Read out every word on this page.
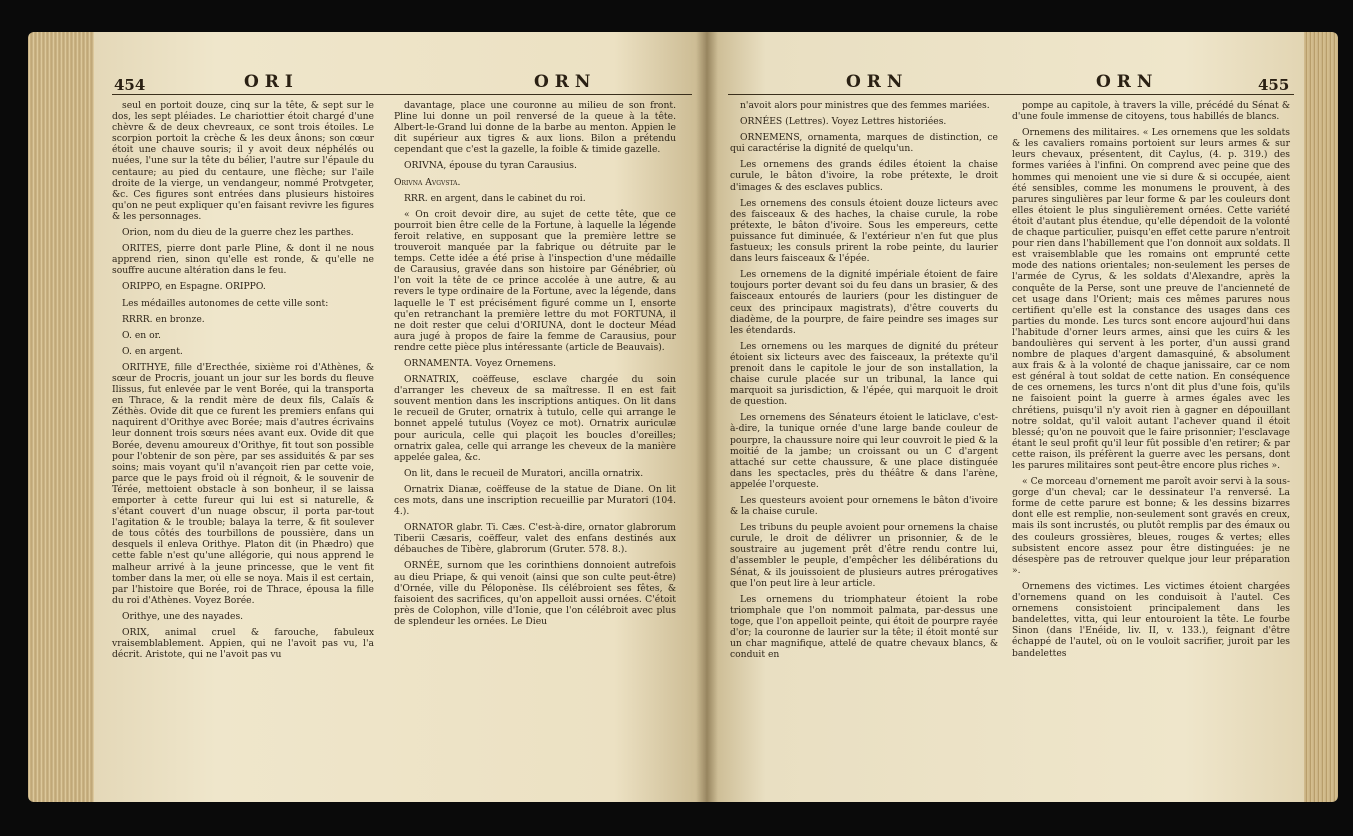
454	ORI	ORN

seul en portoit douze, cinq sur la tête, & sept sur le dos, les sept pléiades. Le chariottier étoit chargé d'une chèvre & de deux chevreaux, ce sont trois étoiles. Le scorpion portoit la crèche & les deux ânons; son cœur étoit une chauve souris; il y avoit deux néphélés ou nuées, l'une sur la tête du bélier, l'autre sur l'épaule du centaure; au pied du centaure, une flèche; sur l'aile droite de la vierge, un vendangeur, nommé Protvgeter, &c. Ces figures sont entrées dans plusieurs histoires qu'on ne peut expliquer qu'en faisant revivre les figures & les personnages.

Orion, nom du dieu de la guerre chez les parthes.

ORITES, pierre dont parle Pline, & dont il ne nous apprend rien, sinon qu'elle est ronde, & qu'elle ne souffre aucune altération dans le feu.

ORIPPO, en Espagne. ORIPPO.

Les médailles autonomes de cette ville sont:

RRRR. en bronze.

O. en or.

O. en argent.

ORITHYE, fille d'Erecthée, sixième roi d'Athènes, & sœur de Procris, jouant un jour sur les bords du fleuve Ilissus, fut enlevée par le vent Borée, qui la transporta en Thrace, & la rendit mère de deux fils, Calaïs & Zéthès. Ovide dit que ce furent les premiers enfans qui naquirent d'Orithye avec Borée; mais d'autres écrivains leur donnent trois sœurs nées avant eux. Ovide dit que Borée, devenu amoureux d'Orithye, fit tout son possible pour l'obtenir de son père, par ses assiduités & par ses soins; mais voyant qu'il n'avançoit rien par cette voie, parce que le pays froid où il régnoit, & le souvenir de Térée, mettoient obstacle à son bonheur, il se laissa emporter à cette fureur qui lui est si naturelle, & s'étant couvert d'un nuage obscur, il porta par-tout l'agitation & le trouble; balaya la terre, & fit soulever de tous côtés des tourbillons de poussière, dans un desquels il enleva Orithye. Platon dit (in Phædro) que cette fable n'est qu'une allégorie, qui nous apprend le malheur arrivé à la jeune princesse, que le vent fit tomber dans la mer, où elle se noya. Mais il est certain, par l'histoire que Borée, roi de Thrace, épousa la fille du roi d'Athènes. Voyez Borée.

Orithye, une des nayades.

ORIX, animal cruel & farouche, fabuleux vraisemblablement. Appien, qui ne l'avoit pas vu, l'a décrit. Aristote, qui ne l'avoit pas vu

davantage, place une couronne au milieu de son front. Pline lui donne un poil renversé de la queue à la tête. Albert-le-Grand lui donne de la barbe au menton. Appien le dit supérieur aux tigres & aux lions. Bilon a prétendu cependant que c'est la gazelle, la foible & timide gazelle.

ORIVNA, épouse du tyran Carausius.

Orivna Avgvsta.

RRR. en argent, dans le cabinet du roi.

« On croit devoir dire, au sujet de cette tête, que ce pourroit bien être celle de la Fortune, à laquelle la légende feroit relative, en supposant que la première lettre se trouveroit manquée par la fabrique ou détruite par le temps. Cette idée a été prise à l'inspection d'une médaille de Carausius, gravée dans son histoire par Génébrier, où l'on voit la tête de ce prince accolée à une autre, & au revers le type ordinaire de la Fortune, avec la légende, dans laquelle le T est précisément figuré comme un I, ensorte qu'en retranchant la première lettre du mot FORTUNA, il ne doit rester que celui d'ORIUNA, dont le docteur Méad aura jugé à propos de faire la femme de Carausius, pour rendre cette pièce plus intéressante (article de Beauvais).

ORNAMENTA. Voyez Ornemens.

ORNATRIX, coëffeuse, esclave chargée du soin d'arranger les cheveux de sa maîtresse. Il en est fait souvent mention dans les inscriptions antiques. On lit dans le recueil de Gruter, ornatrix à tutulo, celle qui arrange le bonnet appelé tutulus (Voyez ce mot). Ornatrix auriculæ pour auricula, celle qui plaçoit les boucles d'oreilles; ornatrix galea, celle qui arrange les cheveux de la manière appelée galea, &c.

On lit, dans le recueil de Muratori, ancilla ornatrix.

Ornatrix Dianæ, coëffeuse de la statue de Diane. On lit ces mots, dans une inscription recueillie par Muratori (104. 4.).

ORNATOR glabr. Ti. Cæs. C'est-à-dire, ornator glabrorum Tiberii Cæsaris, coëffeur, valet des enfans destinés aux débauches de Tibère, glabrorum (Gruter. 578. 8.).

ORNÉE, surnom que les corinthiens donnoient autrefois au dieu Priape, & qui venoit (ainsi que son culte peut-être) d'Ornée, ville du Péloponèse. Ils célébroient ses fêtes, & faisoient des sacrifices, qu'on appelloit aussi ornées. C'étoit près de Colophon, ville d'Ionie, que l'on célébroit avec plus de splendeur les ornées. Le Dieu

ORN	ORN	455

n'avoit alors pour ministres que des femmes mariées.

ORNÉES (Lettres). Voyez Lettres historiées.

ORNEMENS, ornamenta, marques de distinction, ce qui caractérise la dignité de quelqu'un.

Les ornemens des grands édiles étoient la chaise curule, le bâton d'ivoire, la robe prétexte, le droit d'images & des esclaves publics.

Les ornemens des consuls étoient douze licteurs avec des faisceaux & des haches, la chaise curule, la robe prétexte, le bâton d'ivoire. Sous les empereurs, cette puissance fut diminuée, & l'extérieur n'en fut que plus fastueux; les consuls prirent la robe peinte, du laurier dans leurs faisceaux & l'épée.

Les ornemens de la dignité impériale étoient de faire toujours porter devant soi du feu dans un brasier, & des faisceaux entourés de lauriers (pour les distinguer de ceux des principaux magistrats), d'être couverts du diadème, de la pourpre, de faire peindre ses images sur les étendards.

Les ornemens ou les marques de dignité du préteur étoient six licteurs avec des faisceaux, la prétexte qu'il prenoit dans le capitole le jour de son installation, la chaise curule placée sur un tribunal, la lance qui marquoit sa jurisdiction, & l'épée, qui marquoit le droit de question.

Les ornemens des Sénateurs étoient le laticlave, c'est-à-dire, la tunique ornée d'une large bande couleur de pourpre, la chaussure noire qui leur couvroit le pied & la moitié de la jambe; un croissant ou un C d'argent attaché sur cette chaussure, & une place distinguée dans les spectacles, près du théâtre & dans l'arène, appelée l'orqueste.

Les questeurs avoient pour ornemens le bâton d'ivoire & la chaise curule.

Les tribuns du peuple avoient pour ornemens la chaise curule, le droit de délivrer un prisonnier, & de le soustraire au jugement prêt d'être rendu contre lui, d'assembler le peuple, d'empêcher les délibérations du Sénat, & ils jouissoient de plusieurs autres prérogatives que l'on peut lire à leur article.

Les ornemens du triomphateur étoient la robe triomphale que l'on nommoit palmata, par-dessus une toge, que l'on appelloit peinte, qui étoit de pourpre rayée d'or; la couronne de laurier sur la tête; il étoit monté sur un char magnifique, attelé de quatre chevaux blancs, & conduit en

pompe au capitole, à travers la ville, précédé du Sénat & d'une foule immense de citoyens, tous habillés de blancs.

Ornemens des militaires. « Les ornemens que les soldats & les cavaliers romains portoient sur leurs armes & sur leurs chevaux, présentent, dit Caylus, (4. p. 319.) des formes variées à l'infini. On comprend avec peine que des hommes qui menoient une vie si dure & si occupée, aient été sensibles, comme les monumens le prouvent, à des parures singulières par leur forme & par les couleurs dont elles étoient le plus singulièrement ornées. Cette variété étoit d'autant plus étendue, qu'elle dépendoit de la volonté de chaque particulier, puisqu'en effet cette parure n'entroit pour rien dans l'habillement que l'on donnoit aux soldats. Il est vraisemblable que les romains ont emprunté cette mode des nations orientales; non-seulement les perses de l'armée de Cyrus, & les soldats d'Alexandre, après la conquête de la Perse, sont une preuve de l'ancienneté de cet usage dans l'Orient; mais ces mêmes parures nous certifient qu'elle est la constance des usages dans ces parties du monde. Les turcs sont encore aujourd'hui dans l'habitude d'orner leurs armes, ainsi que les cuirs & les bandoulières qui servent à les porter, d'un aussi grand nombre de plaques d'argent damasquiné, & absolument aux frais & à la volonté de chaque janissaire, car ce nom est général à tout soldat de cette nation. En conséquence de ces ornemens, les turcs n'ont dit plus d'une fois, qu'ils ne faisoient point la guerre à armes égales avec les chrétiens, puisqu'il n'y avoit rien à gagner en dépouillant notre soldat, qu'il valoit autant l'achever quand il étoit blessé; qu'on ne pouvoit que le faire prisonnier; l'esclavage étant le seul profit qu'il leur fût possible d'en retirer; & par cette raison, ils préfèrent la guerre avec les persans, dont les parures militaires sont peut-être encore plus riches ».

« Ce morceau d'ornement me paroît avoir servi à la sous-gorge d'un cheval; car le dessinateur l'a renversé. La forme de cette parure est bonne; & les dessins bizarres dont elle est remplie, non-seulement sont gravés en creux, mais ils sont incrustés, ou plutôt remplis par des émaux ou des couleurs grossières, bleues, rouges & vertes; elles subsistent encore assez pour être distinguées: je ne désespère pas de retrouver quelque jour leur préparation ».

Ornemens des victimes. Les victimes étoient chargées d'ornemens quand on les conduisoit à l'autel. Ces ornemens consistoient principalement dans les bandelettes, vitta, qui leur entouroient la tête. Le fourbe Sinon (dans l'Enéide, liv. II, v. 133.), feignant d'être échappé de l'autel, où on le vouloit sacrifier, juroit par les bandelettes
